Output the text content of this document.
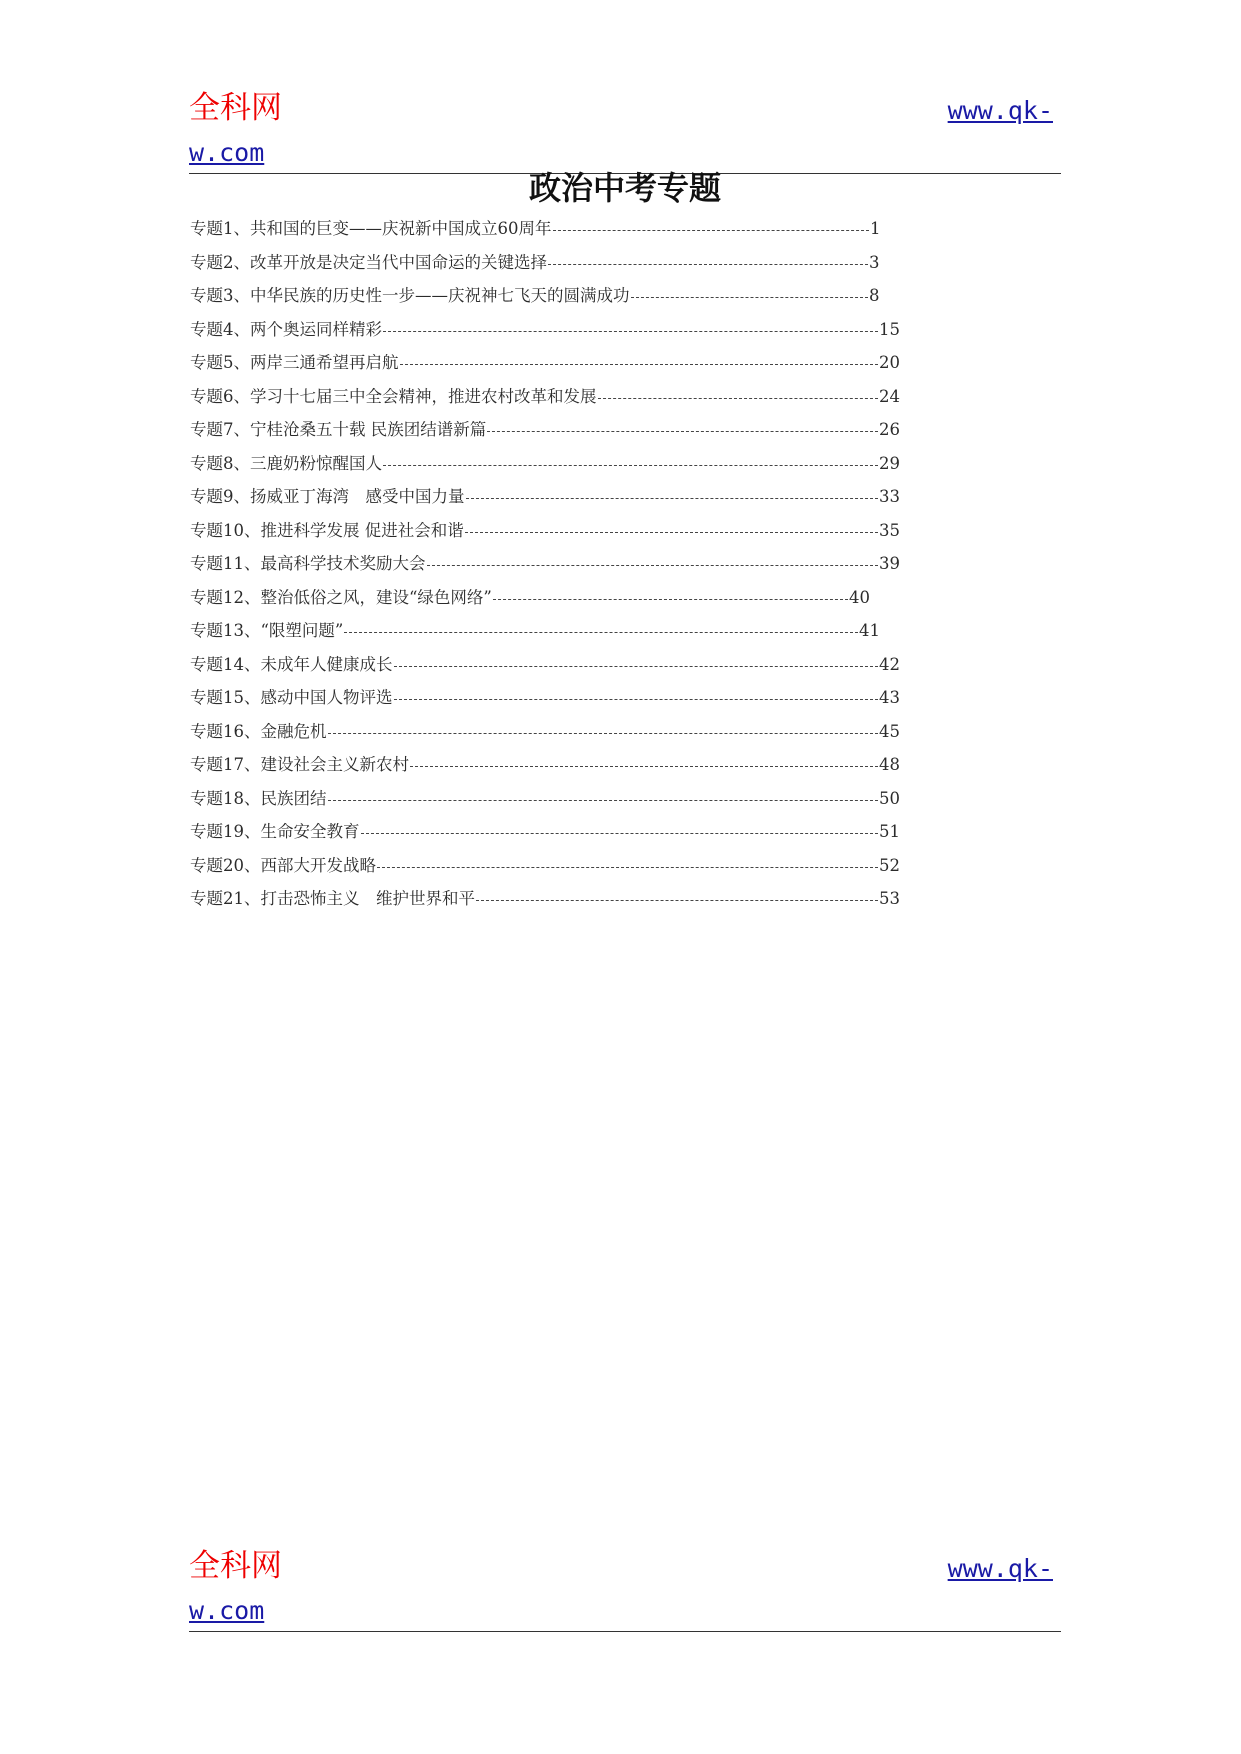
全科网	www.qk-
w.com
政治中考专题
专题1、共和国的巨变——庆祝新中国成立60周年	1
专题2、改革开放是决定当代中国命运的关键选择	3
专题3、中华民族的历史性一步——庆祝神七飞天的圆满成功	8
专题4、两个奥运同样精彩	15
专题5、两岸三通希望再启航	20
专题6、学习十七届三中全会精神，推进农村改革和发展	24
专题7、宁桂沧桑五十载 民族团结谱新篇	26
专题8、三鹿奶粉惊醒国人	29
专题9、扬威亚丁海湾　感受中国力量	33
专题10、推进科学发展 促进社会和谐	35
专题11、最高科学技术奖励大会	39
专题12、整治低俗之风，建设“绿色网络”	40
专题13、“限塑问题”	41
专题14、未成年人健康成长	42
专题15、感动中国人物评选	43
专题16、金融危机	45
专题17、建设社会主义新农村	48
专题18、民族团结	50
专题19、生命安全教育	51
专题20、西部大开发战略	52
专题21、打击恐怖主义　维护世界和平	53
全科网	www.qk-
w.com
